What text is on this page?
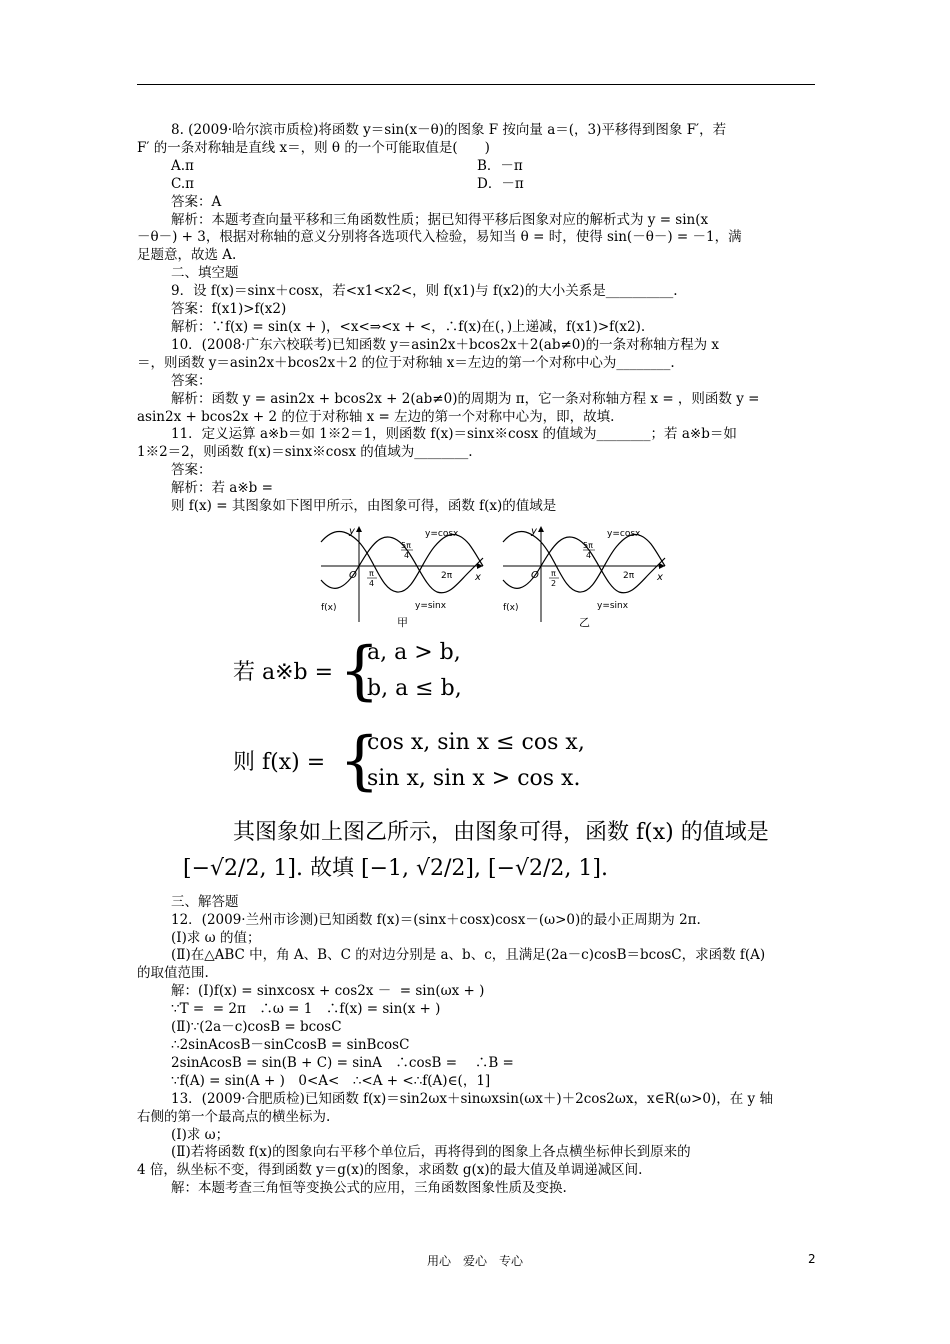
8. (2009·哈尔滨市质检)将函数 y＝sin(x－θ)的图象 F 按向量 a＝(，3)平移得到图象 F′，若

F′ 的一条对称轴是直线 x＝，则 θ 的一个可能取值是(　　)

A.π	B．－π
C.π	D．－π

答案：A

解析：本题考查向量平移和三角函数性质；据已知得平移后图象对应的解析式为 y = sin(x

－θ－) + 3，根据对称轴的意义分别将各选项代入检验，易知当 θ = 时，使得 sin(－θ－) = －1，满

足题意，故选 A.

二、填空题

9．设 f(x)＝sinx＋cosx，若<x1<x2<，则 f(x1)与 f(x2)的大小关系是__________.

答案：f(x1)>f(x2)

解析：∵f(x) = sin(x + )，<x<⇒<x + <，∴f(x)在(，)上递减，f(x1)>f(x2).

10．(2008·广东六校联考)已知函数 y＝asin2x＋bcos2x＋2(ab≠0)的一条对称轴方程为 x

＝，则函数 y＝asin2x＋bcos2x＋2 的位于对称轴 x＝左边的第一个对称中心为________.

答案：

解析：函数 y = asin2x + bcos2x + 2(ab≠0)的周期为 π，它一条对称轴方程 x = ，则函数 y =

asin2x + bcos2x + 2 的位于对称轴 x = 左边的第一个对称中心为，即，故填.

11．定义运算 a※b＝如 1※2＝1，则函数 f(x)＝sinx※cosx 的值域为________；若 a※b＝如

1※2＝2，则函数 f(x)＝sinx※cosx 的值域为________.

答案：

解析：若 a※b =

则 f(x) = 其图象如下图甲所示，由图象可得，函数 f(x)的值域是

y
x
O
y=cosx
y=sinx
f(x)
5π
4
π
4
2π
甲
y
x
O
y=cosx
y=sinx
f(x)
5π
4
π
2
2π
乙
若 a※b = {
a, a > b,
b, a ≤ b,
则 f(x) = {
cos x, sin x ≤ cos x,
sin x, sin x > cos x.

其图象如上图乙所示，由图象可得，函数 f(x) 的值域是

[−√2/2, 1]. 故填 [−1, √2/2], [−√2/2, 1].

三、解答题

12．(2009·兰州市诊测)已知函数 f(x)＝(sinx＋cosx)cosx－(ω>0)的最小正周期为 2π.

(Ⅰ)求 ω 的值；

(Ⅱ)在△ABC 中，角 A、B、C 的对边分别是 a、b、c，且满足(2a－c)cosB＝bcosC，求函数 f(A)

的取值范围.

解：(Ⅰ)f(x) = sinxcosx + cos2x －  = sin(ωx + )

∵T =  = 2π　∴ω = 1　∴f(x) = sin(x + )

(Ⅱ)∵(2a－c)cosB = bcosC

∴2sinAcosB－sinCcosB = sinBcosC

2sinAcosB = sin(B + C) = sinA　∴cosB = 　∴B =

∵f(A) = sin(A + )　0<A<　∴<A + <∴f(A)∈(，1]

13．(2009·合肥质检)已知函数 f(x)＝sin2ωx＋sinωxsin(ωx＋)＋2cos2ωx，x∈R(ω>0)，在 y 轴

右侧的第一个最高点的横坐标为.

(Ⅰ)求 ω；

(Ⅱ)若将函数 f(x)的图象向右平移个单位后，再将得到的图象上各点横坐标伸长到原来的

4 倍，纵坐标不变，得到函数 y＝g(x)的图象，求函数 g(x)的最大值及单调递减区间.

解：本题考查三角恒等变换公式的应用，三角函数图象性质及变换.

用心　爱心　专心	2
